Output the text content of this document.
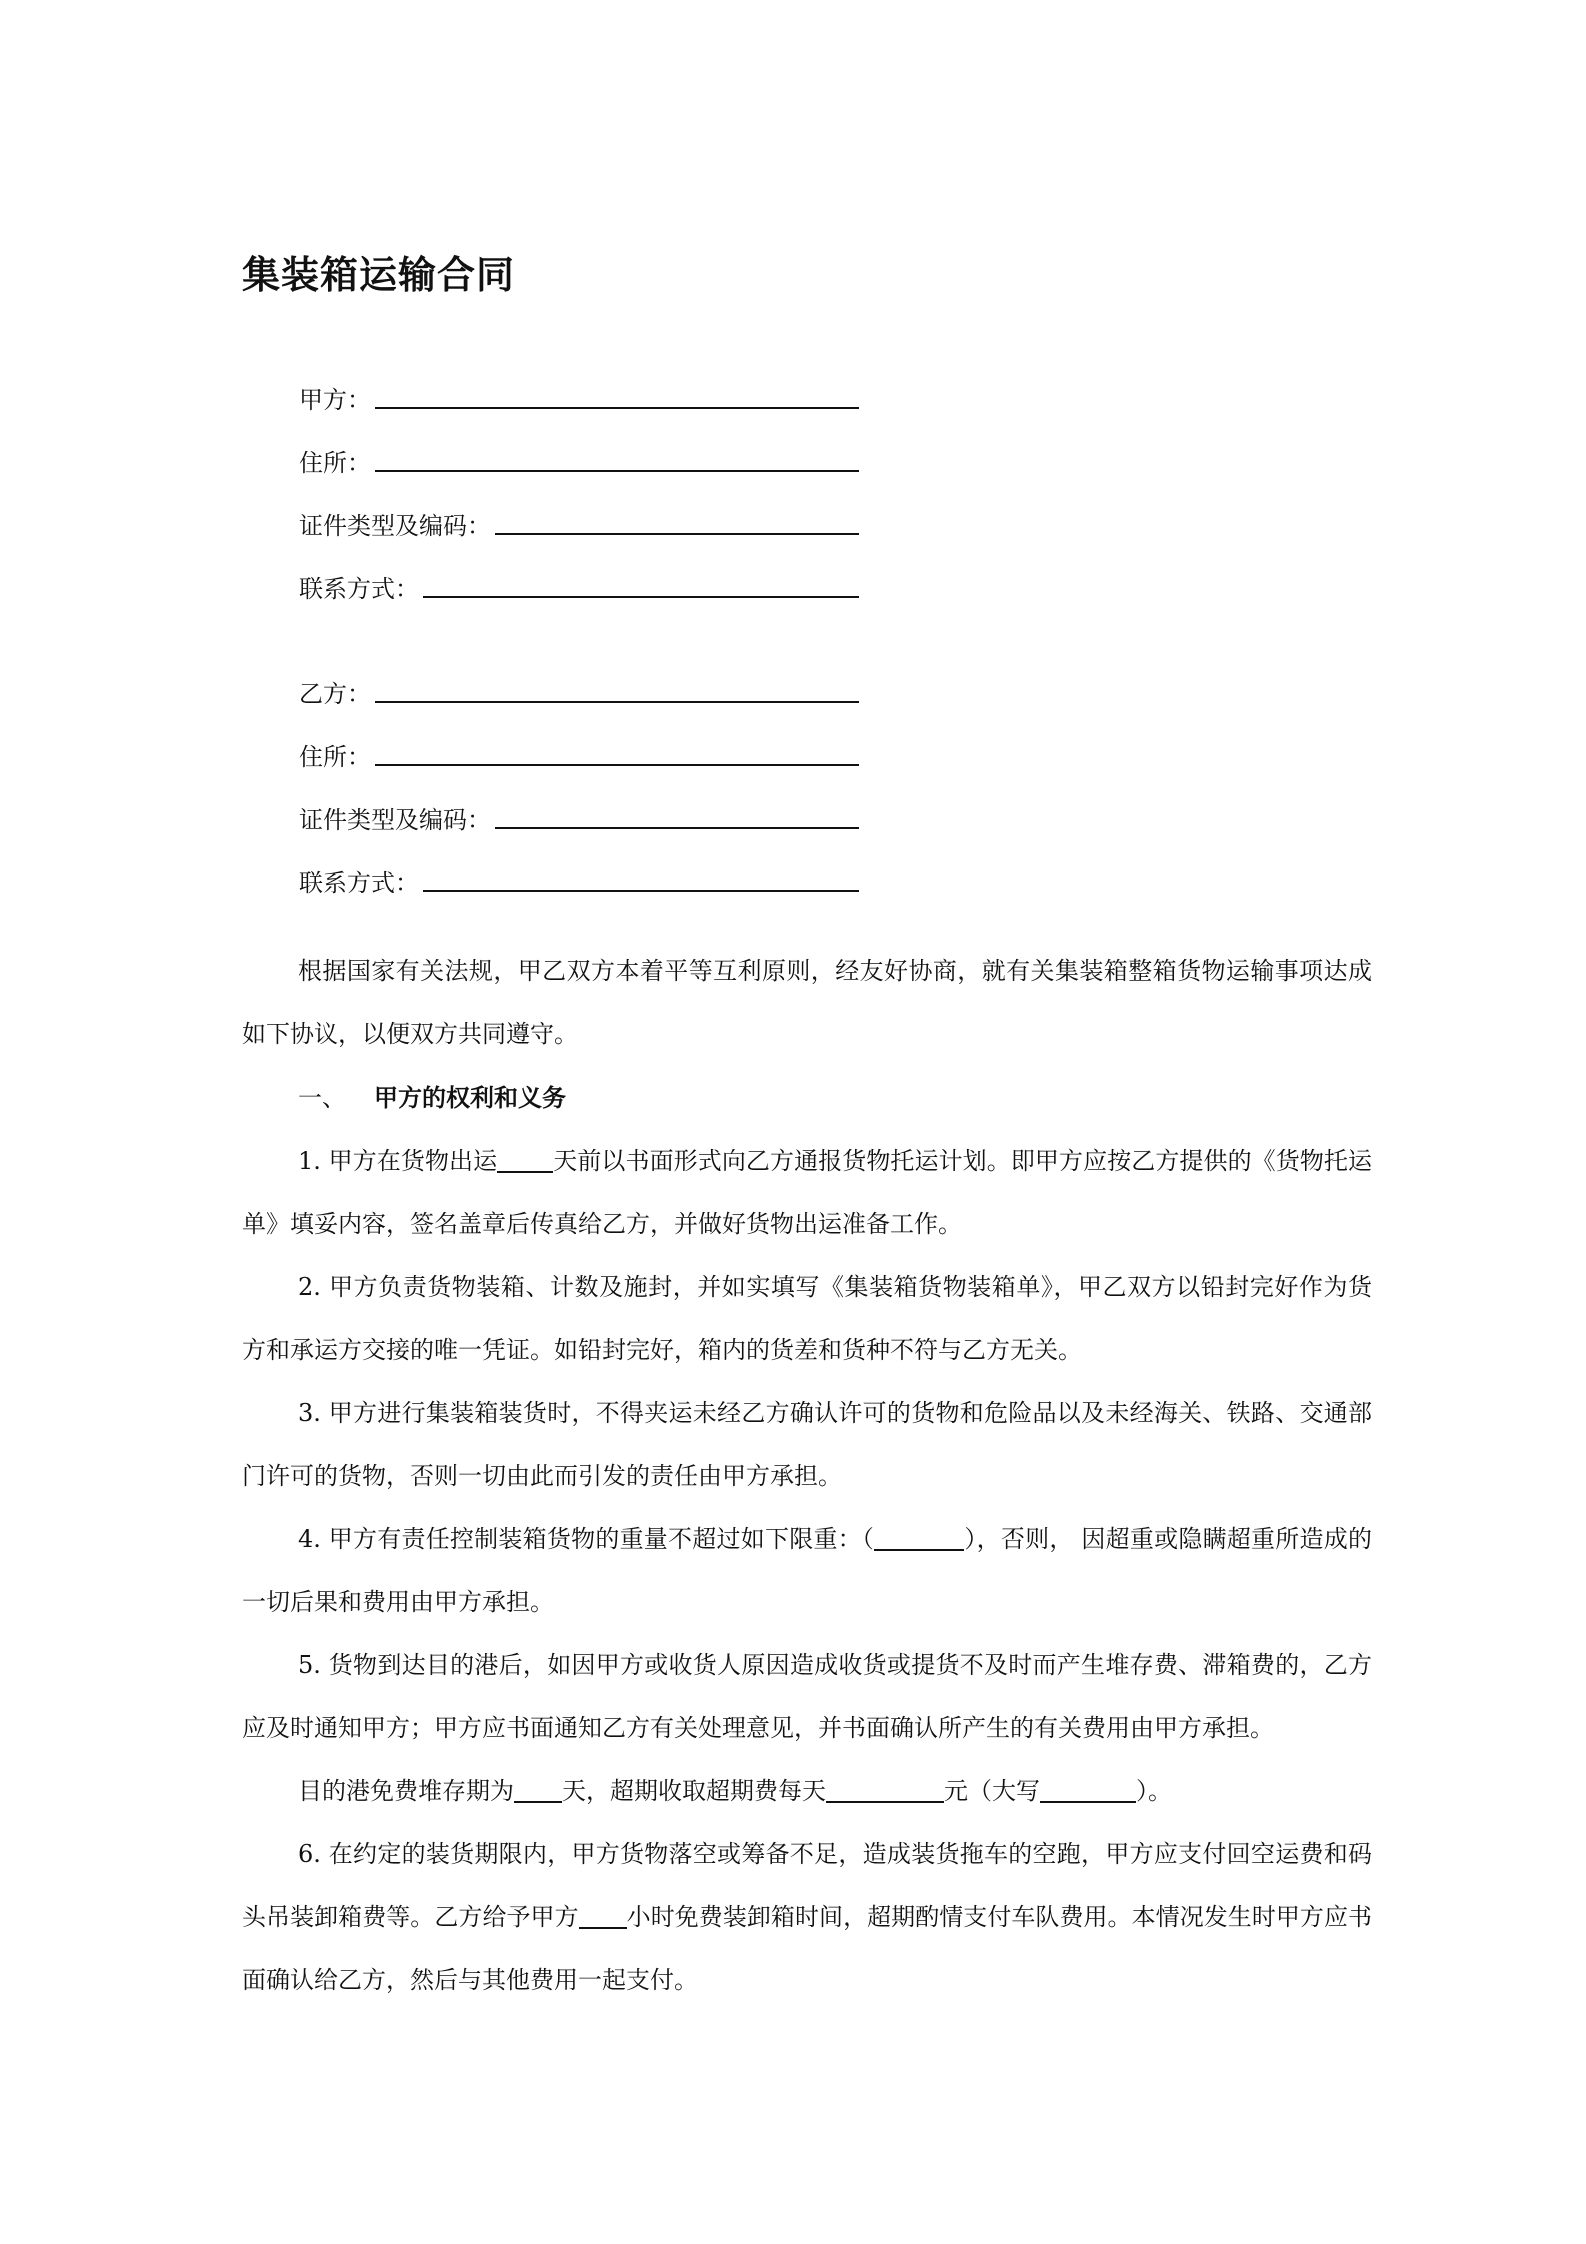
集装箱运输合同
甲方：
住所：
证件类型及编码：
联系方式：
乙方：
住所：
证件类型及编码：
联系方式：

根据国家有关法规，甲乙双方本着平等互利原则，经友好协商，就有关集装箱整箱货物运输事项达成如下协议，以便双方共同遵守。

一、 甲方的权利和义务

1. 甲方在货物出运 天前以书面形式向乙方通报货物托运计划。即甲方应按乙方提供的《货物托运单》填妥内容，签名盖章后传真给乙方，并做好货物出运准备工作。

2. 甲方负责货物装箱、计数及施封，并如实填写《集装箱货物装箱单》，甲乙双方以铅封完好作为货方和承运方交接的唯一凭证。如铅封完好，箱内的货差和货种不符与乙方无关。

3. 甲方进行集装箱装货时，不得夹运未经乙方确认许可的货物和危险品以及未经海关、铁路、交通部门许可的货物，否则一切由此而引发的责任由甲方承担。

4. 甲方有责任控制装箱货物的重量不超过如下限重：（	），否则， 因超重或隐瞒超重所造成的一切后果和费用由甲方承担。

5. 货物到达目的港后，如因甲方或收货人原因造成收货或提货不及时而产生堆存费、滞箱费的，乙方应及时通知甲方；甲方应书面通知乙方有关处理意见，并书面确认所产生的有关费用由甲方承担。

目的港免费堆存期为 天，超期收取超期费每天	元（大写	）。

6. 在约定的装货期限内，甲方货物落空或筹备不足，造成装货拖车的空跑，甲方应支付回空运费和码头吊装卸箱费等。乙方给予甲方 小时免费装卸箱时间，超期酌情支付车队费用。本情况发生时甲方应书面确认给乙方，然后与其他费用一起支付。
